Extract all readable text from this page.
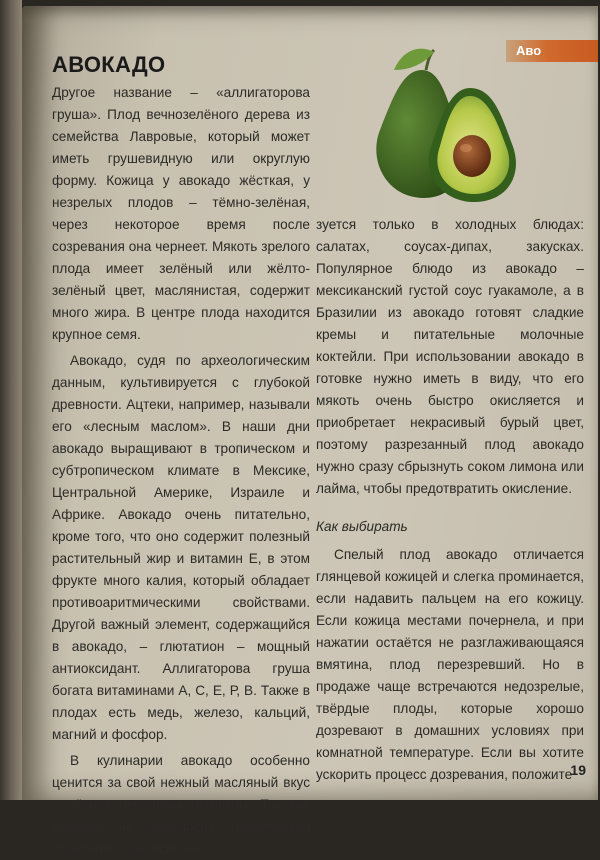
Аво
АВОКАДО

Другое название – «аллигаторова груша». Плод вечнозелёного дерева из семейства Лавровые, который может иметь грушевидную или округлую форму. Кожица у авокадо жёсткая, у незрелых плодов – тёмно-зелёная, через некоторое время после созревания она чернеет. Мякоть зрелого плода имеет зелёный или жёлто-зелёный цвет, маслянистая, содержит много жира. В центре плода находится крупное семя.

Авокадо, судя по археологическим данным, культивируется с глубокой древности. Ацтеки, например, называли его «лесным маслом». В наши дни авокадо выращивают в тропическом и субтропическом климате в Мексике, Центральной Америке, Израиле и Африке. Авокадо очень питательно, кроме того, что оно содержит полезный растительный жир и витамин Е, в этом фрукте много калия, который обладает противоаритмическими свойствами. Другой важный элемент, содержащийся в авокадо, – глютатион – мощный антиоксидант. Аллигаторова груша богата витаминами А, С, Е, Р, В. Также в плодах есть медь, железо, кальций, магний и фосфор.

В кулинарии авокадо особенно ценится за свой нежный масляный вкус с лёгким ореховым оттенком. Так как авокадо не переносит термической обработки, оно исполь-

зуется только в холодных блюдах: салатах, соусах-дипах, закусках. Популярное блюдо из авокадо – мексиканский густой соус гуакамоле, а в Бразилии из авокадо готовят сладкие кремы и питательные молочные коктейли. При использовании авокадо в готовке нужно иметь в виду, что его мякоть очень быстро окисляется и приобретает некрасивый бурый цвет, поэтому разрезанный плод авокадо нужно сразу сбрызнуть соком лимона или лайма, чтобы предотвратить окисление.

Как выбирать

Спелый плод авокадо отличается глянцевой кожицей и слегка проминается, если надавить пальцем на его кожицу. Если кожица местами почернела, и при нажатии остаётся не разглаживающаяся вмятина, плод перезревший. Но в продаже чаще встречаются недозрелые, твёрдые плоды, которые хорошо дозревают в домашних условиях при комнатной температуре. Если вы хотите ускорить процесс дозревания, положите

19
